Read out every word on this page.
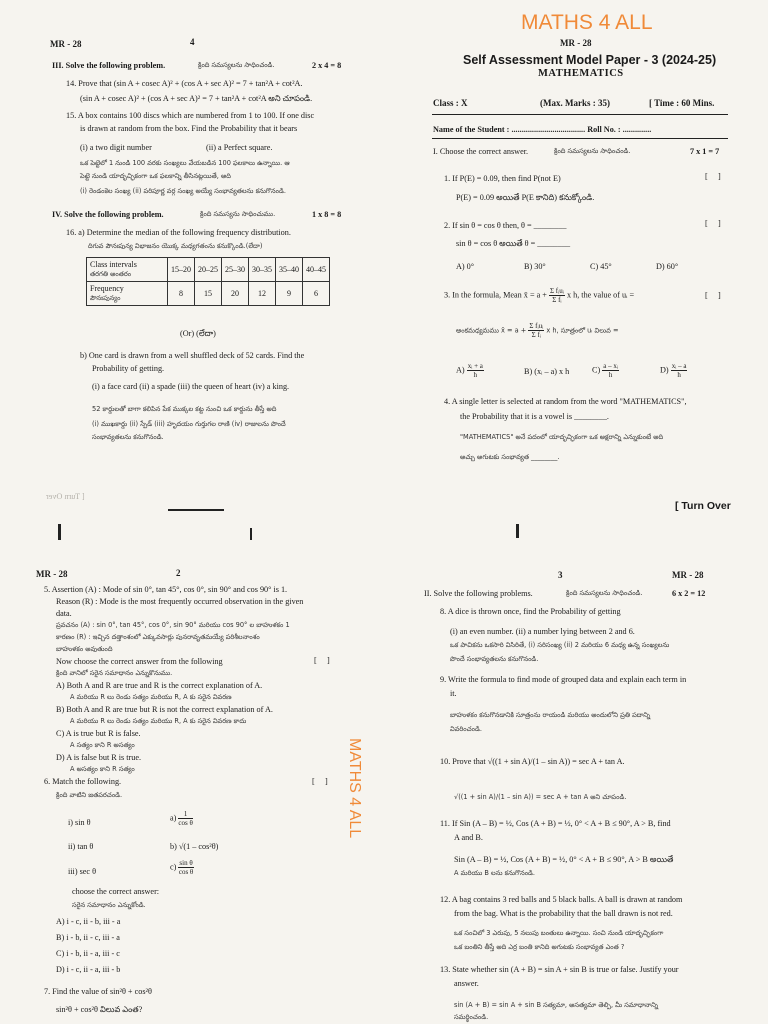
MR - 28	4
III. Solve the following problem.	క్రింది సమస్యలను సాధించండి.	2 x 4 = 8
14. Prove that (sin A + cosec A)² + (cos A + sec A)² = 7 + tan²A + cot²A.
(sin A + cosec A)² + (cos A + sec A)² = 7 + tan²A + cot²A అని చూపండి.
15. A box contains 100 discs which are numbered from 1 to 100. If one disc
is drawn at random from the box. Find the Probability that it bears
(i) a two digit number	(ii) a Perfect square.
ఒక పెట్టెలో 1 నుండి 100 వరకు సంఖ్యలు వేయబడిన 100 ఫలకాలు ఉన్నాయి. ఆ
పెట్టె నుండి యాదృచ్ఛికంగా ఒక ఫలకాన్ని తీసినట్లయితే, అది
(i) రెండంకెల సంఖ్య (ii) పరిపూర్ణ వర్గ సంఖ్య అయ్యే సంభావ్యతలను కనుగొనండి.
IV. Solve the following problem.	క్రింది సమస్యను సాధించుము.	1 x 8 = 8
16. a) Determine the median of the following frequency distribution.
దిగువ పౌనఃపున్య విభాజనం యొక్క మధ్యగతంను కనుక్కొండి.(లేదా)
Class intervals
తరగతి అంతరం	15–20	20–25	25–30	30–35	35–40	40–45

Frequency
పౌనఃపున్యం	8	15	20	12	9	6
(Or) (లేదా)
b) One card is drawn from a well shuffled deck of 52 cards. Find the
Probability of getting.
(i) a face card (ii) a spade (iii) the queen of heart (iv) a king.
52 కార్డులతో బాగా కలిపిన పేక ముక్కల కట్ట నుంచి ఒక కార్డును తీస్తే అది
(i) ముఖకార్డు (ii) స్పేడ్ (iii) హృదయం గుర్తుగల రాణి (iv) రాజులను పొందే
సంభావ్యతలను కనుగొనండి.
[ Turn Over
MATHS 4 ALL
MR - 28
Self Assessment Model Paper - 3 (2024-25)
MATHEMATICS
Class : X	(Max. Marks : 35)	[ Time : 60 Mins.
Name of the Student : .................................... Roll No. : ..............
I. Choose the correct answer.	క్రింది సమస్యలను సాధించండి.	7 x 1 = 7
1. If P(E) = 0.09, then find P(not E)	[     ]
P(E) = 0.09 అయితే P(E కానిది) కనుక్కోండి.
2. If sin θ = cos θ then, θ = ________	[     ]
sin θ = cos θ అయితే θ = ________
A) 0°	B) 30°	C) 45°	D) 60°
3. In the formula, Mean x̄ = $a + \frac{\text{Σ fᵢuᵢ}}{\text{Σ fᵢ}}$ x h, the value of uᵢ =	[     ]
అంకమధ్యమము x̄ = $a + \frac{\text{Σ fᵢuᵢ}}{\text{Σ fᵢ}}$ x h, సూత్రంలో uᵢ విలువ =
$A) \frac{\text{xᵢ + a}}{h}$	B) (xᵢ – a) x h	$C) \frac{\text{a – xᵢ}}{h}$	$D) \frac{\text{xᵢ – a}}{h}$
4. A single letter is selected at random from the word "MATHEMATICS",
the Probability that it is a vowel is ________.
"MATHEMATICS" అనే పదంలో యాదృచ్ఛికంగా ఒక అక్షరాన్ని ఎన్నుకుంటే అది
అచ్చు అగుటకు సంభావ్యత ________.
[ Turn Over
MR - 28	2
5. Assertion (A) : Mode of sin 0°, tan 45°, cos 0°, sin 90° and cos 90° is 1.
Reason (R) : Mode is the most frequently occurred observation in the given
data.
ప్రవచనం (A) : sin 0°, tan 45°, cos 0°, sin 90° మరియు cos 90° ల బాహుళకం 1
కారణం (R) : ఇచ్చిన దత్తాంశంలో ఎక్కువసార్లు పునరావృతమయ్యే పరిశీలనాంశం
బాహుళకం అవుతుంది
Now choose the correct answer from the following	[     ]
క్రింది వానిలో సరైన సమాధానం ఎన్నుకొనుము.
A) Both A and R are true and R is the correct explanation of A.
A మరియు R లు రెండు సత్యం మరియు R, A కు సరైన వివరణ
B) Both A and R are true but R is not the correct explanation of A.
A మరియు R లు రెండు సత్యం మరియు R, A కు సరైన వివరణ కాదు
C) A is true but R is false.
A సత్యం కాని R అసత్యం
D) A is false but R is true.
A అసత్యం కాని R సత్యం
6. Match the following.	[     ]
క్రింది వాటిని జతపరచండి.
i) sin θ
ii) tan θ
iii) sec θ
$a) \frac{1}{\text{cos θ}}$
b) √(1 – cos²θ)
$c) \frac{\text{sin θ}}{\text{cos θ}}$
choose the correct answer:
సరైన సమాధానం ఎన్నుకోండి.
A) i - c, ii - b, iii - a
B) i - b, ii - c, iii - a
C) i - b, ii - a, iii - c
D) i - c, ii - a, iii - b
7. Find the value of sin²θ + cos²θ
sin²θ + cos²θ విలువ ఎంత?
MATHS 4 ALL
3	MR - 28
II. Solve the following problems.	క్రింది సమస్యలను సాధించండి.	6 x 2 = 12
8. A dice is thrown once, find the Probability of getting
(i) an even number. (ii) a number lying between 2 and 6.
ఒక పాచికను ఒకసారి విసిరితే, (i) సరిసంఖ్య (ii) 2 మరియు 6 మధ్య ఉన్న సంఖ్యలను
పొందే సంభావ్యతలను కనుగొనండి.
9. Write the formula to find mode of grouped data and explain each term in
it.
బాహుళకం కనుగొనడానికి సూత్రంను రాయండి మరియు అందులోని ప్రతి పదాన్ని
వివరించండి.
10. Prove that √((1 + sin A)/(1 – sin A)) = sec A + tan A.
√((1 + sin A)/(1 – sin A)) = sec A + tan A అని చూపండి.
11. If Sin (A – B) = ½, Cos (A + B) = ½, 0° < A + B ≤ 90°, A > B, find
A and B.
Sin (A – B) = ½, Cos (A + B) = ½, 0° < A + B ≤ 90°, A > B అయితే
A మరియు B లను కనుగొనండి.
12. A bag contains 3 red balls and 5 black balls. A ball is drawn at random
from the bag. What is the probability that the ball drawn is not red.
ఒక సంచిలో 3 ఎరుపు, 5 నలుపు బంతులు ఉన్నాయి. సంచి నుండి యాదృచ్ఛికంగా
ఒక బంతిని తీస్తే అది ఎర్ర బంతి కానిది అగుటకు సంభావ్యత ఎంత ?
13. State whether sin (A + B) = sin A + sin B is true or false. Justify your
answer.
sin (A + B) = sin A + sin B సత్యమా, అసత్యమా తెల్పి, మీ సమాధానాన్ని
సమర్థించండి.
